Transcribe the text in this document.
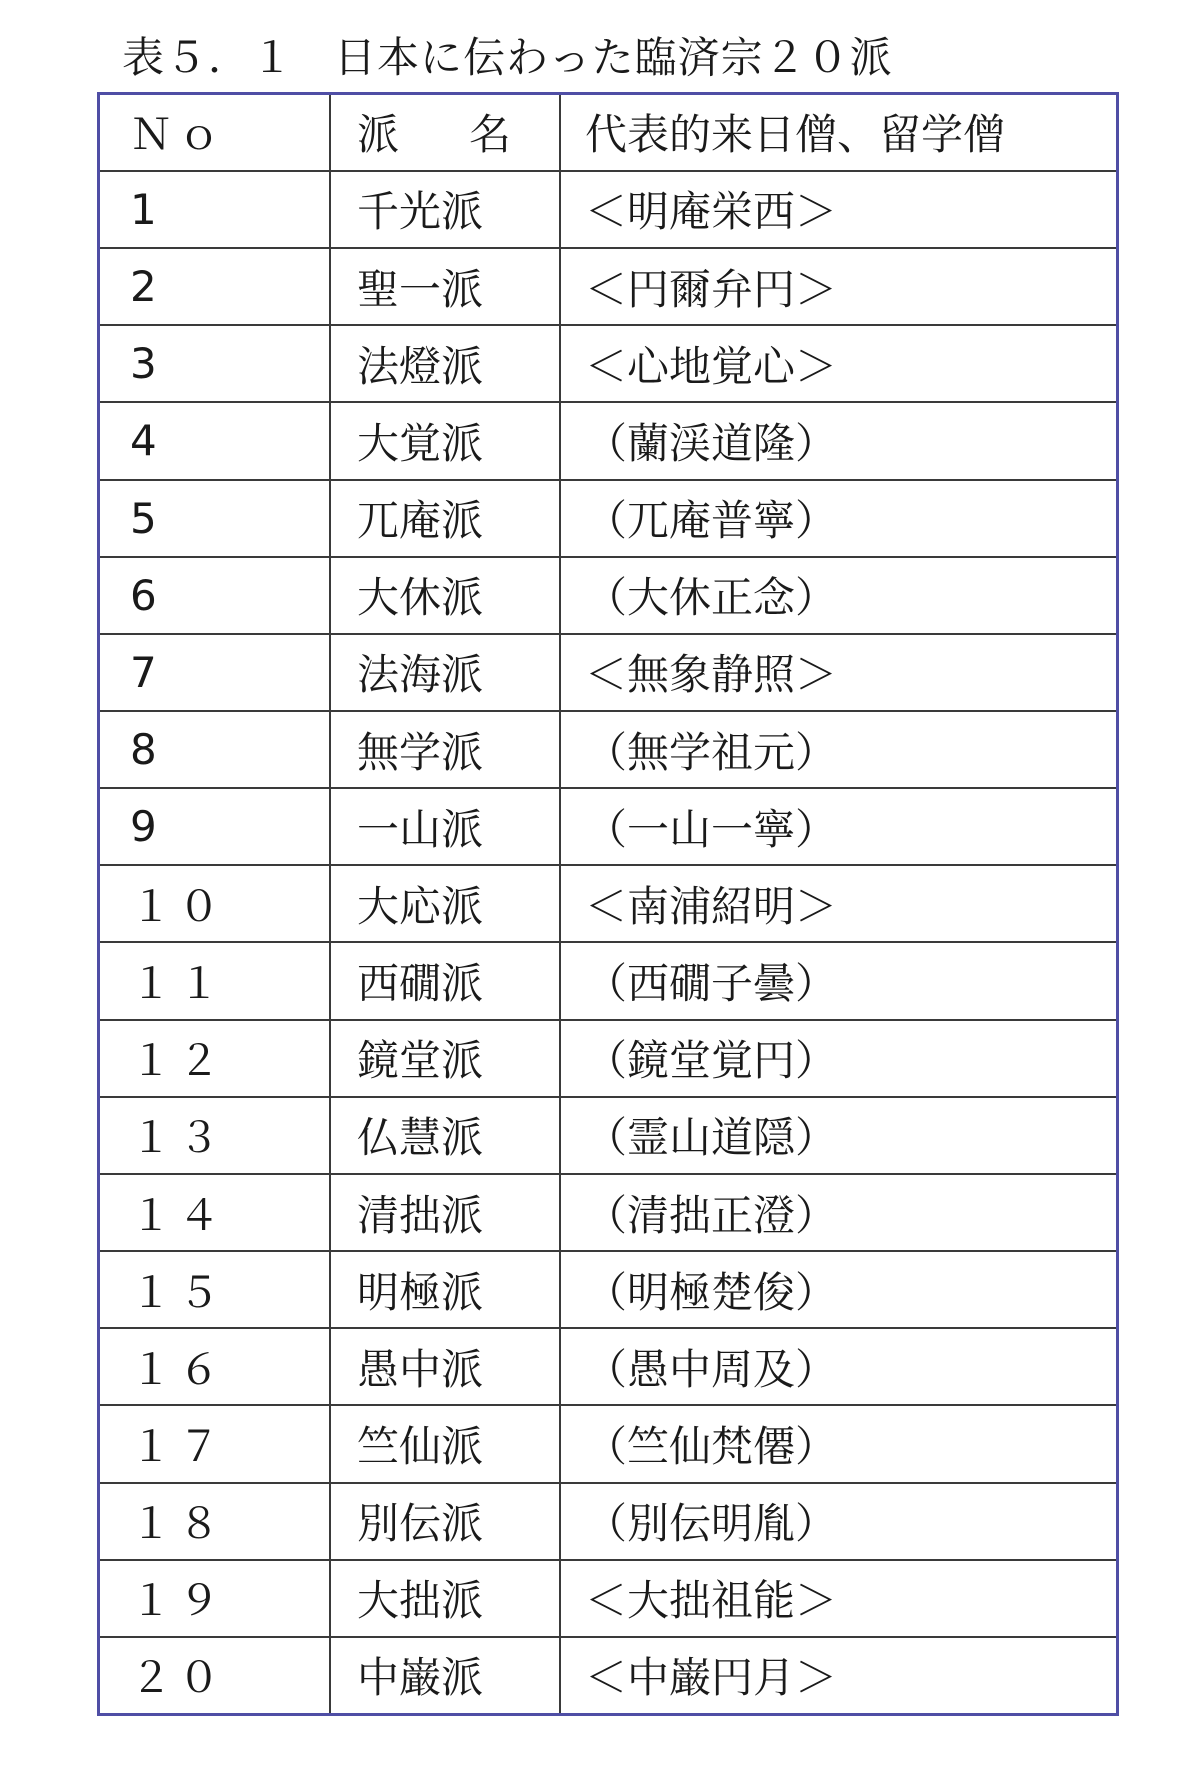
表５．１ 日本に伝わった臨済宗２０派
Ｎｏ	派　名	代表的来日僧、留学僧
1	千光派	＜明庵栄西＞
2	聖一派	＜円爾弁円＞
3	法燈派	＜心地覚心＞
4	大覚派	（蘭渓道隆）
5	兀庵派	（兀庵普寧）
6	大休派	（大休正念）
7	法海派	＜無象静照＞
8	無学派	（無学祖元）
9	一山派	（一山一寧）
１０	大応派	＜南浦紹明＞
１１	西礀派	（西礀子曇）
１２	鏡堂派	（鏡堂覚円）
１３	仏慧派	（霊山道隠）
１４	清拙派	（清拙正澄）
１５	明極派	（明極楚俊）
１６	愚中派	（愚中周及）
１７	竺仙派	（竺仙梵僊）
１８	別伝派	（別伝明胤）
１９	大拙派	＜大拙祖能＞
２０	中巌派	＜中巌円月＞
